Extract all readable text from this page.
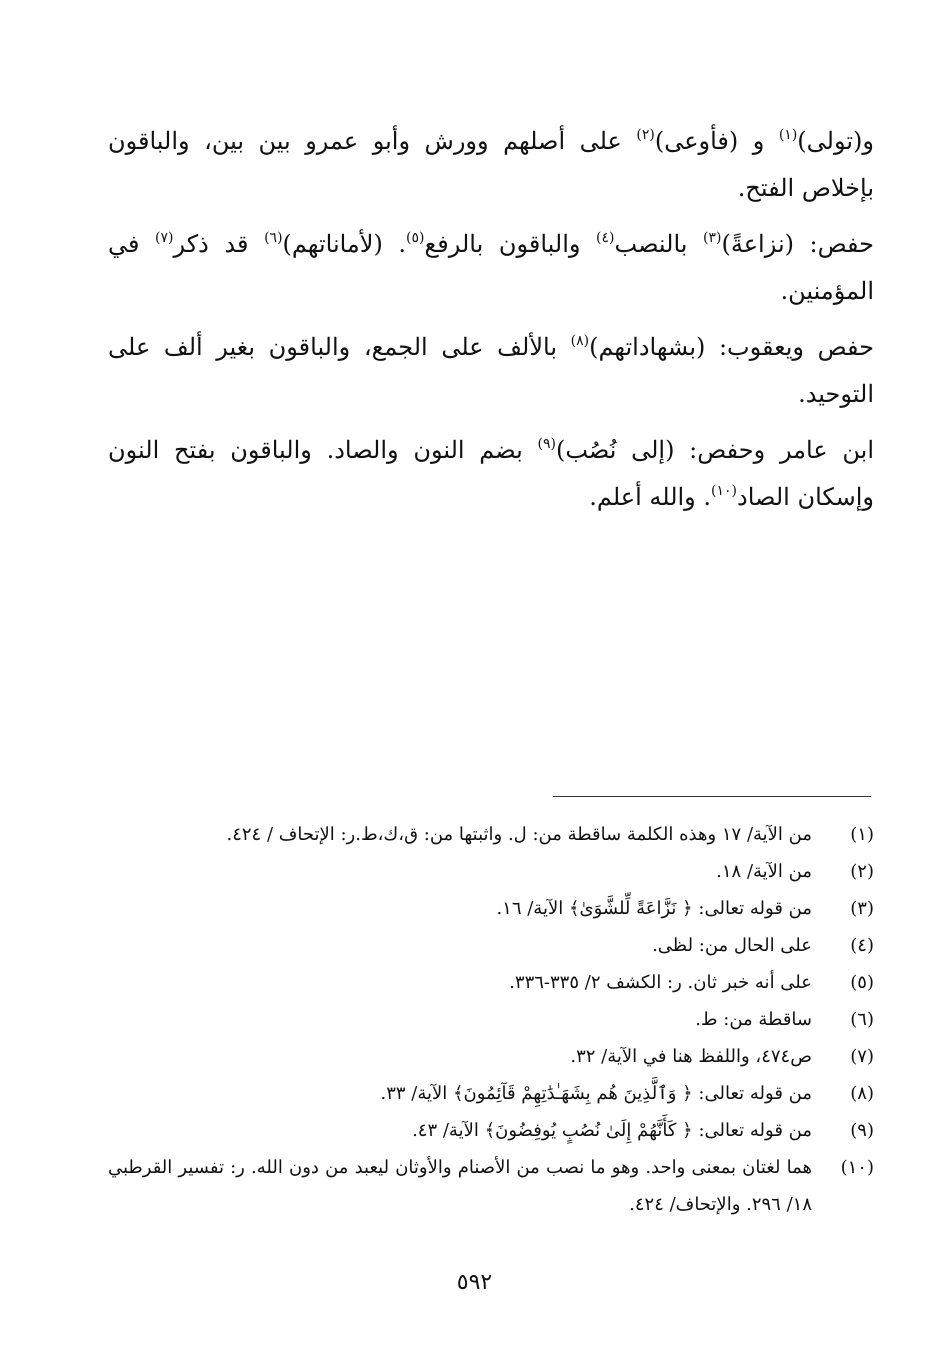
و(تولى)$^{(١)}$ و (فأوعى)$^{(٢)}$ على أصلهم وورش وأبو عمرو بين بين، والباقون بإخلاص الفتح.

حفص: (نزاعةً)$^{(٣)}$ بالنصب$^{(٤)}$ والباقون بالرفع$^{(٥)}$. (لأماناتهم)$^{(٦)}$ قد ذكر$^{(٧)}$ في المؤمنين.

حفص ويعقوب: (بشهاداتهم)$^{(٨)}$ بالألف على الجمع، والباقون بغير ألف على التوحيد.

ابن عامر وحفص: (إلى نُصُب)$^{(٩)}$ بضم النون والصاد. والباقون بفتح النون وإسكان الصاد$^{(١٠)}$. والله أعلم.

(١)
من الآية/ ١٧ وهذه الكلمة ساقطة من: ل. واثبتها من: ق،ك،ط.ر: الإتحاف / ٤٢٤.
(٢)
من الآية/ ١٨.
(٣)
من قوله تعالى: ﴿ نَزَّاعَةً لِّلشَّوَىٰ﴾ الآية/ ١٦.
(٤)
على الحال من: لظى.
(٥)
على أنه خبر ثان. ر: الكشف ٢/ ٣٣٥-٣٣٦.
(٦)
ساقطة من: ط.
(٧)
ص٤٧٤، واللفظ هنا في الآية/ ٣٢.
(٨)
من قوله تعالى: ﴿ وَٱلَّذِينَ هُم بِشَهَـٰدَٰتِهِمْ قَآئِمُونَ﴾ الآية/ ٣٣.
(٩)
من قوله تعالى: ﴿ كَأَنَّهُمْ إِلَىٰ نُصُبٍ يُوفِضُونَ﴾ الآية/ ٤٣.
(١٠)
هما لغتان بمعنى واحد. وهو ما نصب من الأصنام والأوثان ليعبد من دون الله. ر: تفسير القرطبي ١٨/ ٢٩٦. والإتحاف/ ٤٢٤.
٥٩٢
